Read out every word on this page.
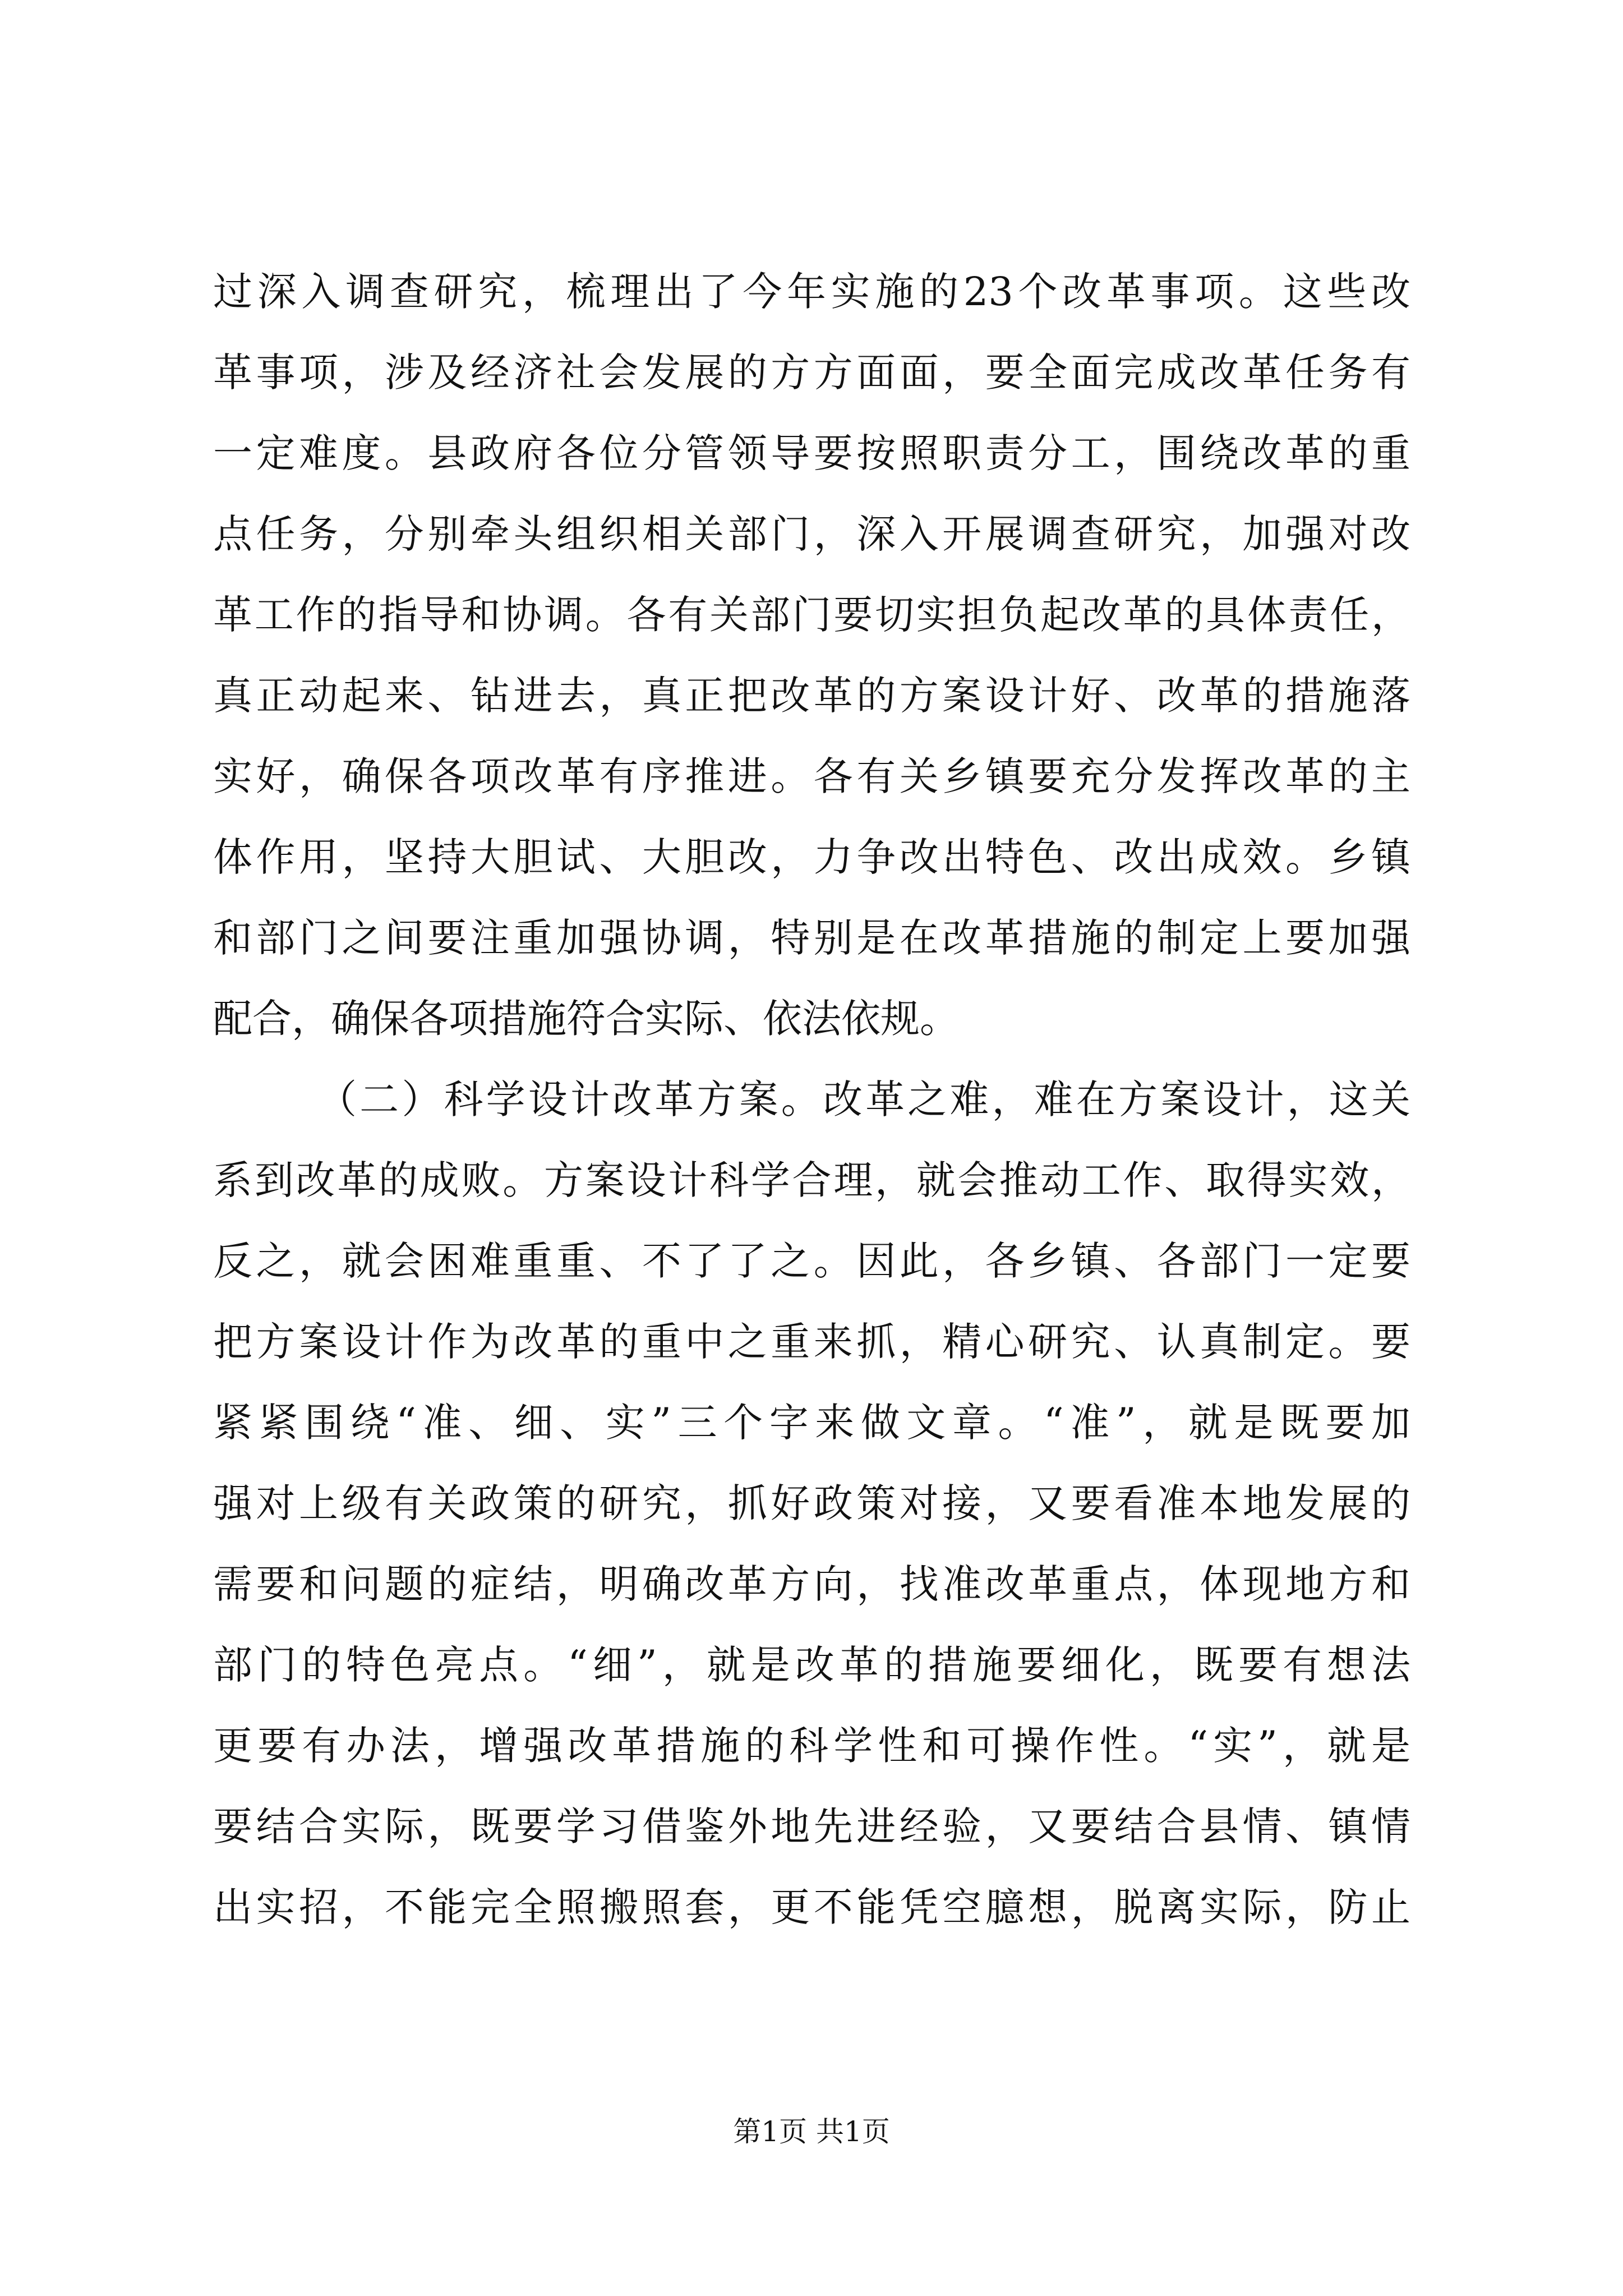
过深入调查研究，梳理出了今年实施的23个改革事项。这些改
革事项，涉及经济社会发展的方方面面，要全面完成改革任务有
一定难度。县政府各位分管领导要按照职责分工，围绕改革的重
点任务，分别牵头组织相关部门，深入开展调查研究，加强对改
革工作的指导和协调。各有关部门要切实担负起改革的具体责任，
真正动起来、钻进去，真正把改革的方案设计好、改革的措施落
实好，确保各项改革有序推进。各有关乡镇要充分发挥改革的主
体作用，坚持大胆试、大胆改，力争改出特色、改出成效。乡镇
和部门之间要注重加强协调，特别是在改革措施的制定上要加强
配合，确保各项措施符合实际、依法依规。
（二）科学设计改革方案。改革之难，难在方案设计，这关
系到改革的成败。方案设计科学合理，就会推动工作、取得实效，
反之，就会困难重重、不了了之。因此，各乡镇、各部门一定要
把方案设计作为改革的重中之重来抓，精心研究、认真制定。要
紧紧围绕“准、细、实”三个字来做文章。“准”，就是既要加
强对上级有关政策的研究，抓好政策对接，又要看准本地发展的
需要和问题的症结，明确改革方向，找准改革重点，体现地方和
部门的特色亮点。“细”，就是改革的措施要细化，既要有想法
更要有办法，增强改革措施的科学性和可操作性。“实”，就是
要结合实际，既要学习借鉴外地先进经验，又要结合县情、镇情
出实招，不能完全照搬照套，更不能凭空臆想，脱离实际，防止
第1页 共1页
